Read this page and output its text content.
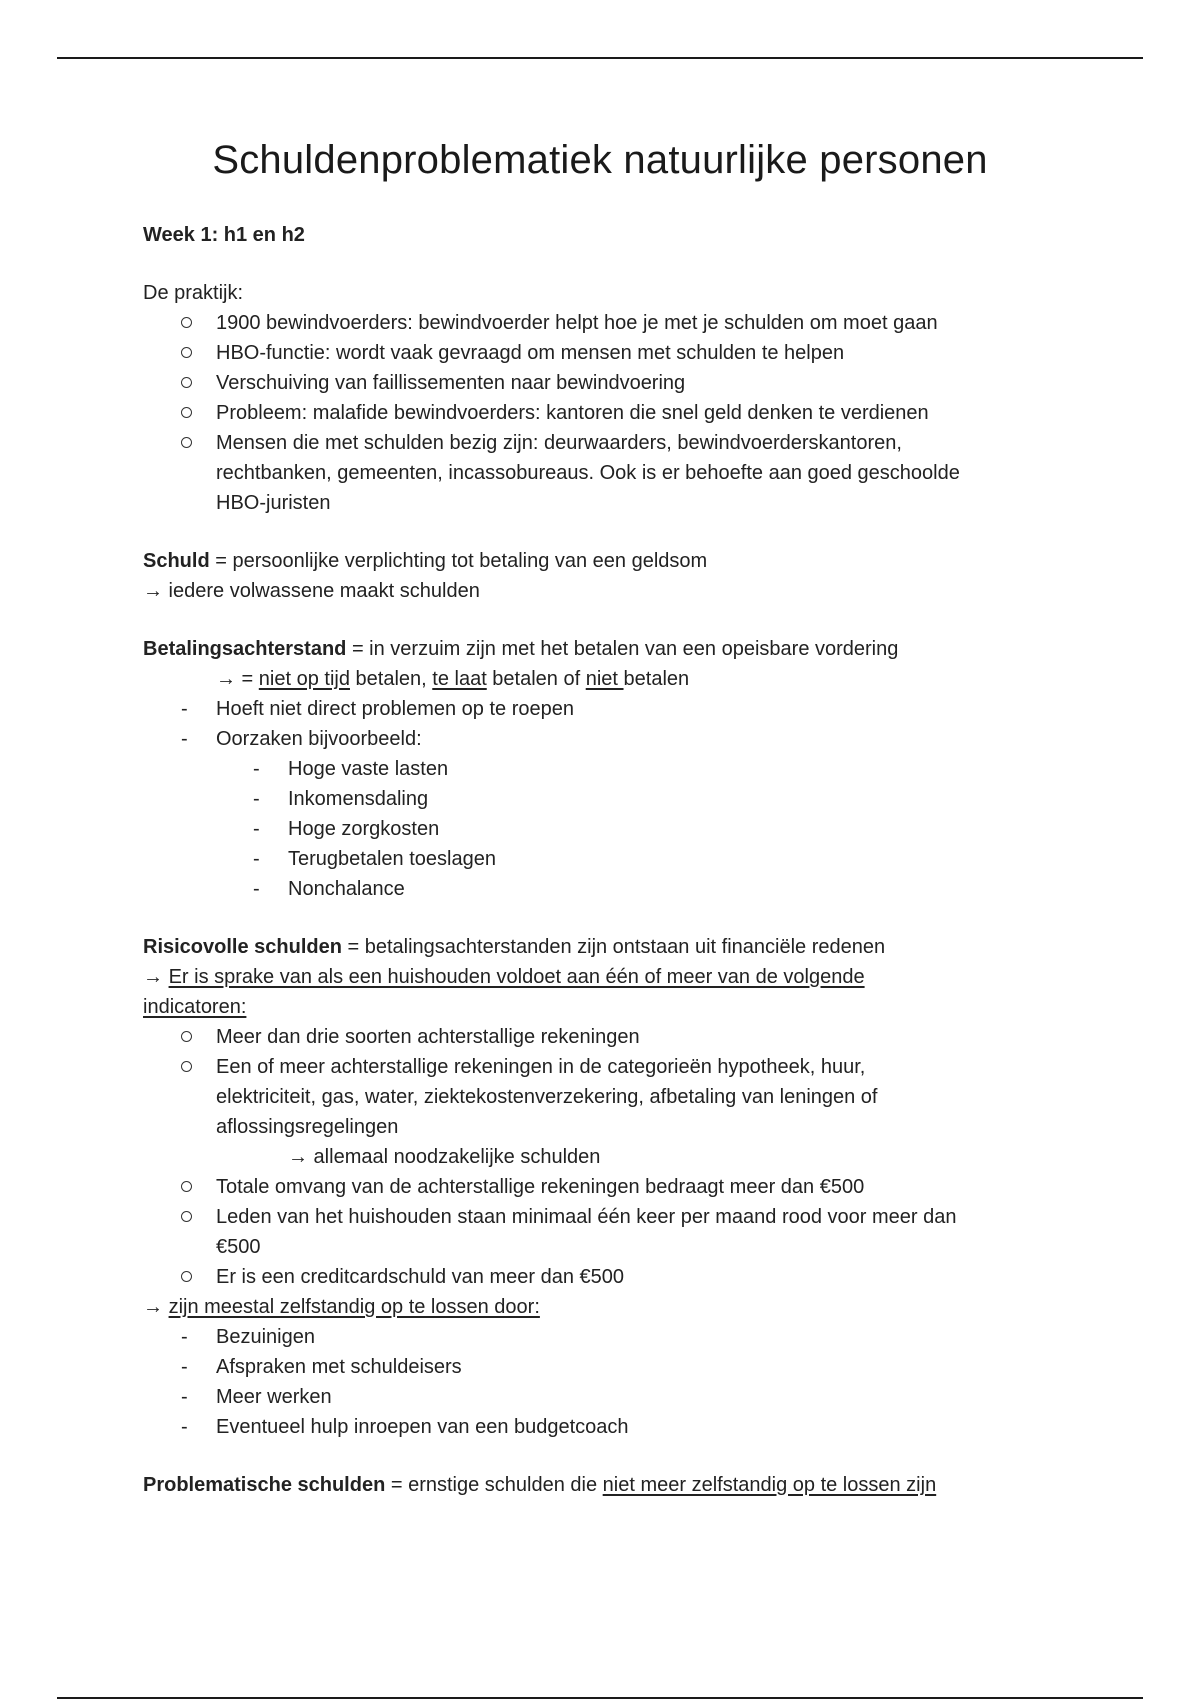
Schuldenproblematiek natuurlijke personen
Week 1: h1 en h2
De praktijk:
1900 bewindvoerders: bewindvoerder helpt hoe je met je schulden om moet gaan
HBO-functie: wordt vaak gevraagd om mensen met schulden te helpen
Verschuiving van faillissementen naar bewindvoering
Probleem: malafide bewindvoerders: kantoren die snel geld denken te verdienen
Mensen die met schulden bezig zijn: deurwaarders, bewindvoerderskantoren,
rechtbanken, gemeenten, incassobureaus. Ook is er behoefte aan goed geschoolde
HBO-juristen
Schuld = persoonlijke verplichting tot betaling van een geldsom
→ iedere volwassene maakt schulden
Betalingsachterstand = in verzuim zijn met het betalen van een opeisbare vordering
→ = niet op tijd betalen, te laat betalen of niet betalen
-	Hoeft niet direct problemen op te roepen
-	Oorzaken bijvoorbeeld:
-	Hoge vaste lasten
-	Inkomensdaling
-	Hoge zorgkosten
-	Terugbetalen toeslagen
-	Nonchalance
Risicovolle schulden = betalingsachterstanden zijn ontstaan uit financiële redenen
→ Er is sprake van als een huishouden voldoet aan één of meer van de volgende
indicatoren:
Meer dan drie soorten achterstallige rekeningen
Een of meer achterstallige rekeningen in de categorieën hypotheek, huur,
elektriciteit, gas, water, ziektekostenverzekering, afbetaling van leningen of
aflossingsregelingen
→ allemaal noodzakelijke schulden
Totale omvang van de achterstallige rekeningen bedraagt meer dan €500
Leden van het huishouden staan minimaal één keer per maand rood voor meer dan
€500
Er is een creditcardschuld van meer dan €500
→ zijn meestal zelfstandig op te lossen door:
-	Bezuinigen
-	Afspraken met schuldeisers
-	Meer werken
-	Eventueel hulp inroepen van een budgetcoach
Problematische schulden = ernstige schulden die niet meer zelfstandig op te lossen zijn
